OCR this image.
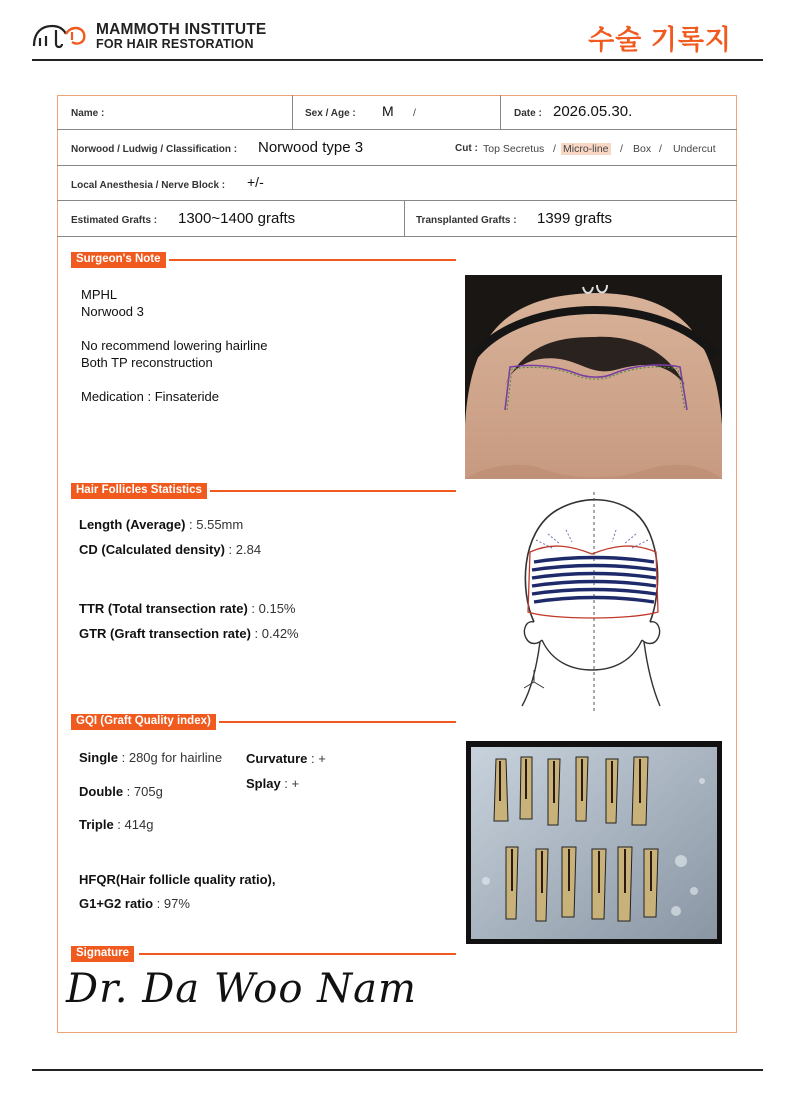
MAMMOTH INSTITUTE
FOR HAIR RESTORATION	수술 기록지
Name :	Sex / Age : M /	Date : 2026.05.30.
Norwood / Ludwig / Classification : Norwood type 3	Cut : Top Secretus / Micro-line / Box / Undercut
Local Anesthesia / Nerve Block : +/-
Estimated Grafts : 1300~1400 grafts	Transplanted Grafts : 1399 grafts
Surgeon's Note
MPHL
Norwood 3
No recommend lowering hairline
Both TP reconstruction
Medication : Finsateride
Hair Follicles Statistics
Length (Average) : 5.55mm
CD (Calculated density) : 2.84
TTR (Total transection rate) : 0.15%
GTR (Graft transection rate) : 0.42%
GQI (Graft Quality index)
Single : 280g for hairline
Double : 705g
Triple : 414g
Curvature : +
Splay : +
HFQR(Hair follicle quality ratio),
G1+G2 ratio : 97%
Signature
Dr. Da Woo Nam
